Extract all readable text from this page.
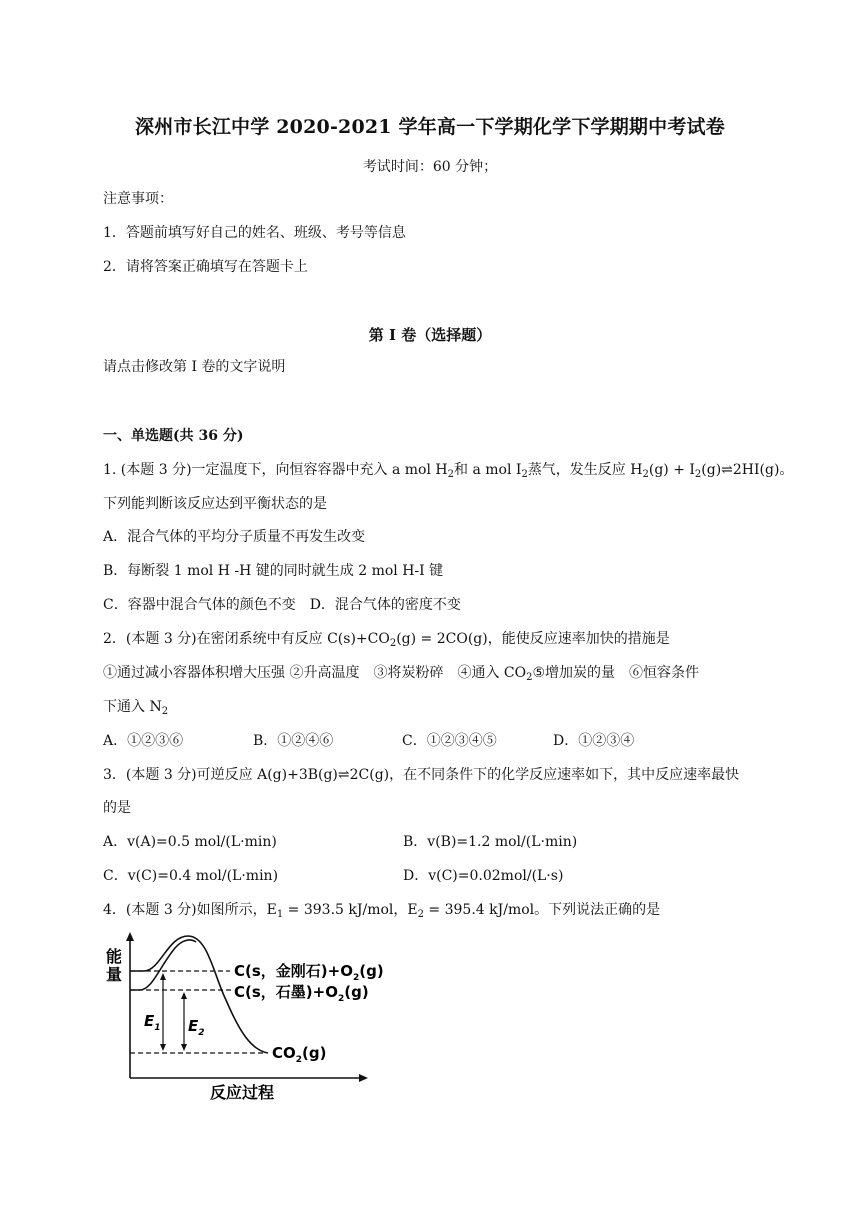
深州市长江中学 2020-2021 学年高一下学期化学下学期期中考试卷
考试时间：60 分钟；
注意事项：
1．答题前填写好自己的姓名、班级、考号等信息
2．请将答案正确填写在答题卡上
第 I 卷（选择题）
请点击修改第 I 卷的文字说明
一、单选题(共 36 分)
1. (本题 3 分)一定温度下，向恒容容器中充入 a mol $H_2$和 a mol $I_2$蒸气，发生反应 $H_2(g)$ + $I_2(g)\rightleftharpoons 2HI(g)$。
下列能判断该反应达到平衡状态的是
A．混合气体的平均分子质量不再发生改变
B．每断裂 1 mol H -H 键的同时就生成 2 mol H-I 键
C．容器中混合气体的颜色不变　D．混合气体的密度不变
2．(本题 3 分)在密闭系统中有反应 $C(s)+CO_2(g) = 2CO(g)$，能使反应速率加快的措施是
①通过减小容器体积增大压强 ②升高温度　③将炭粉碎　④通入 $CO_2⑤$增加炭的量　⑥恒容条件
下通入 $N_2$
A．①②③⑥	B．①②④⑥	C．①②③④⑤	D．①②③④
3．(本题 3 分)可逆反应 A(g)+3B(g)⇌2C(g)，在不同条件下的化学反应速率如下，其中反应速率最快
的是
A．v(A)=0.5 mol/(L·min)	B．v(B)=1.2 mol/(L·min)
C．v(C)=0.4 mol/(L·min)	D．v(C)=0.02mol/(L·s)
4．(本题 3 分)如图所示，$E_1 = 393.5$ kJ/mol，$E_2 = 395.4$ kJ/mol。下列说法正确的是
能
量
反应过程
$E_1$ $E_2$
C(s，金刚石)$+O_2(g)$
C(s，石墨)$+O_2(g)$
$CO_2(g)$
